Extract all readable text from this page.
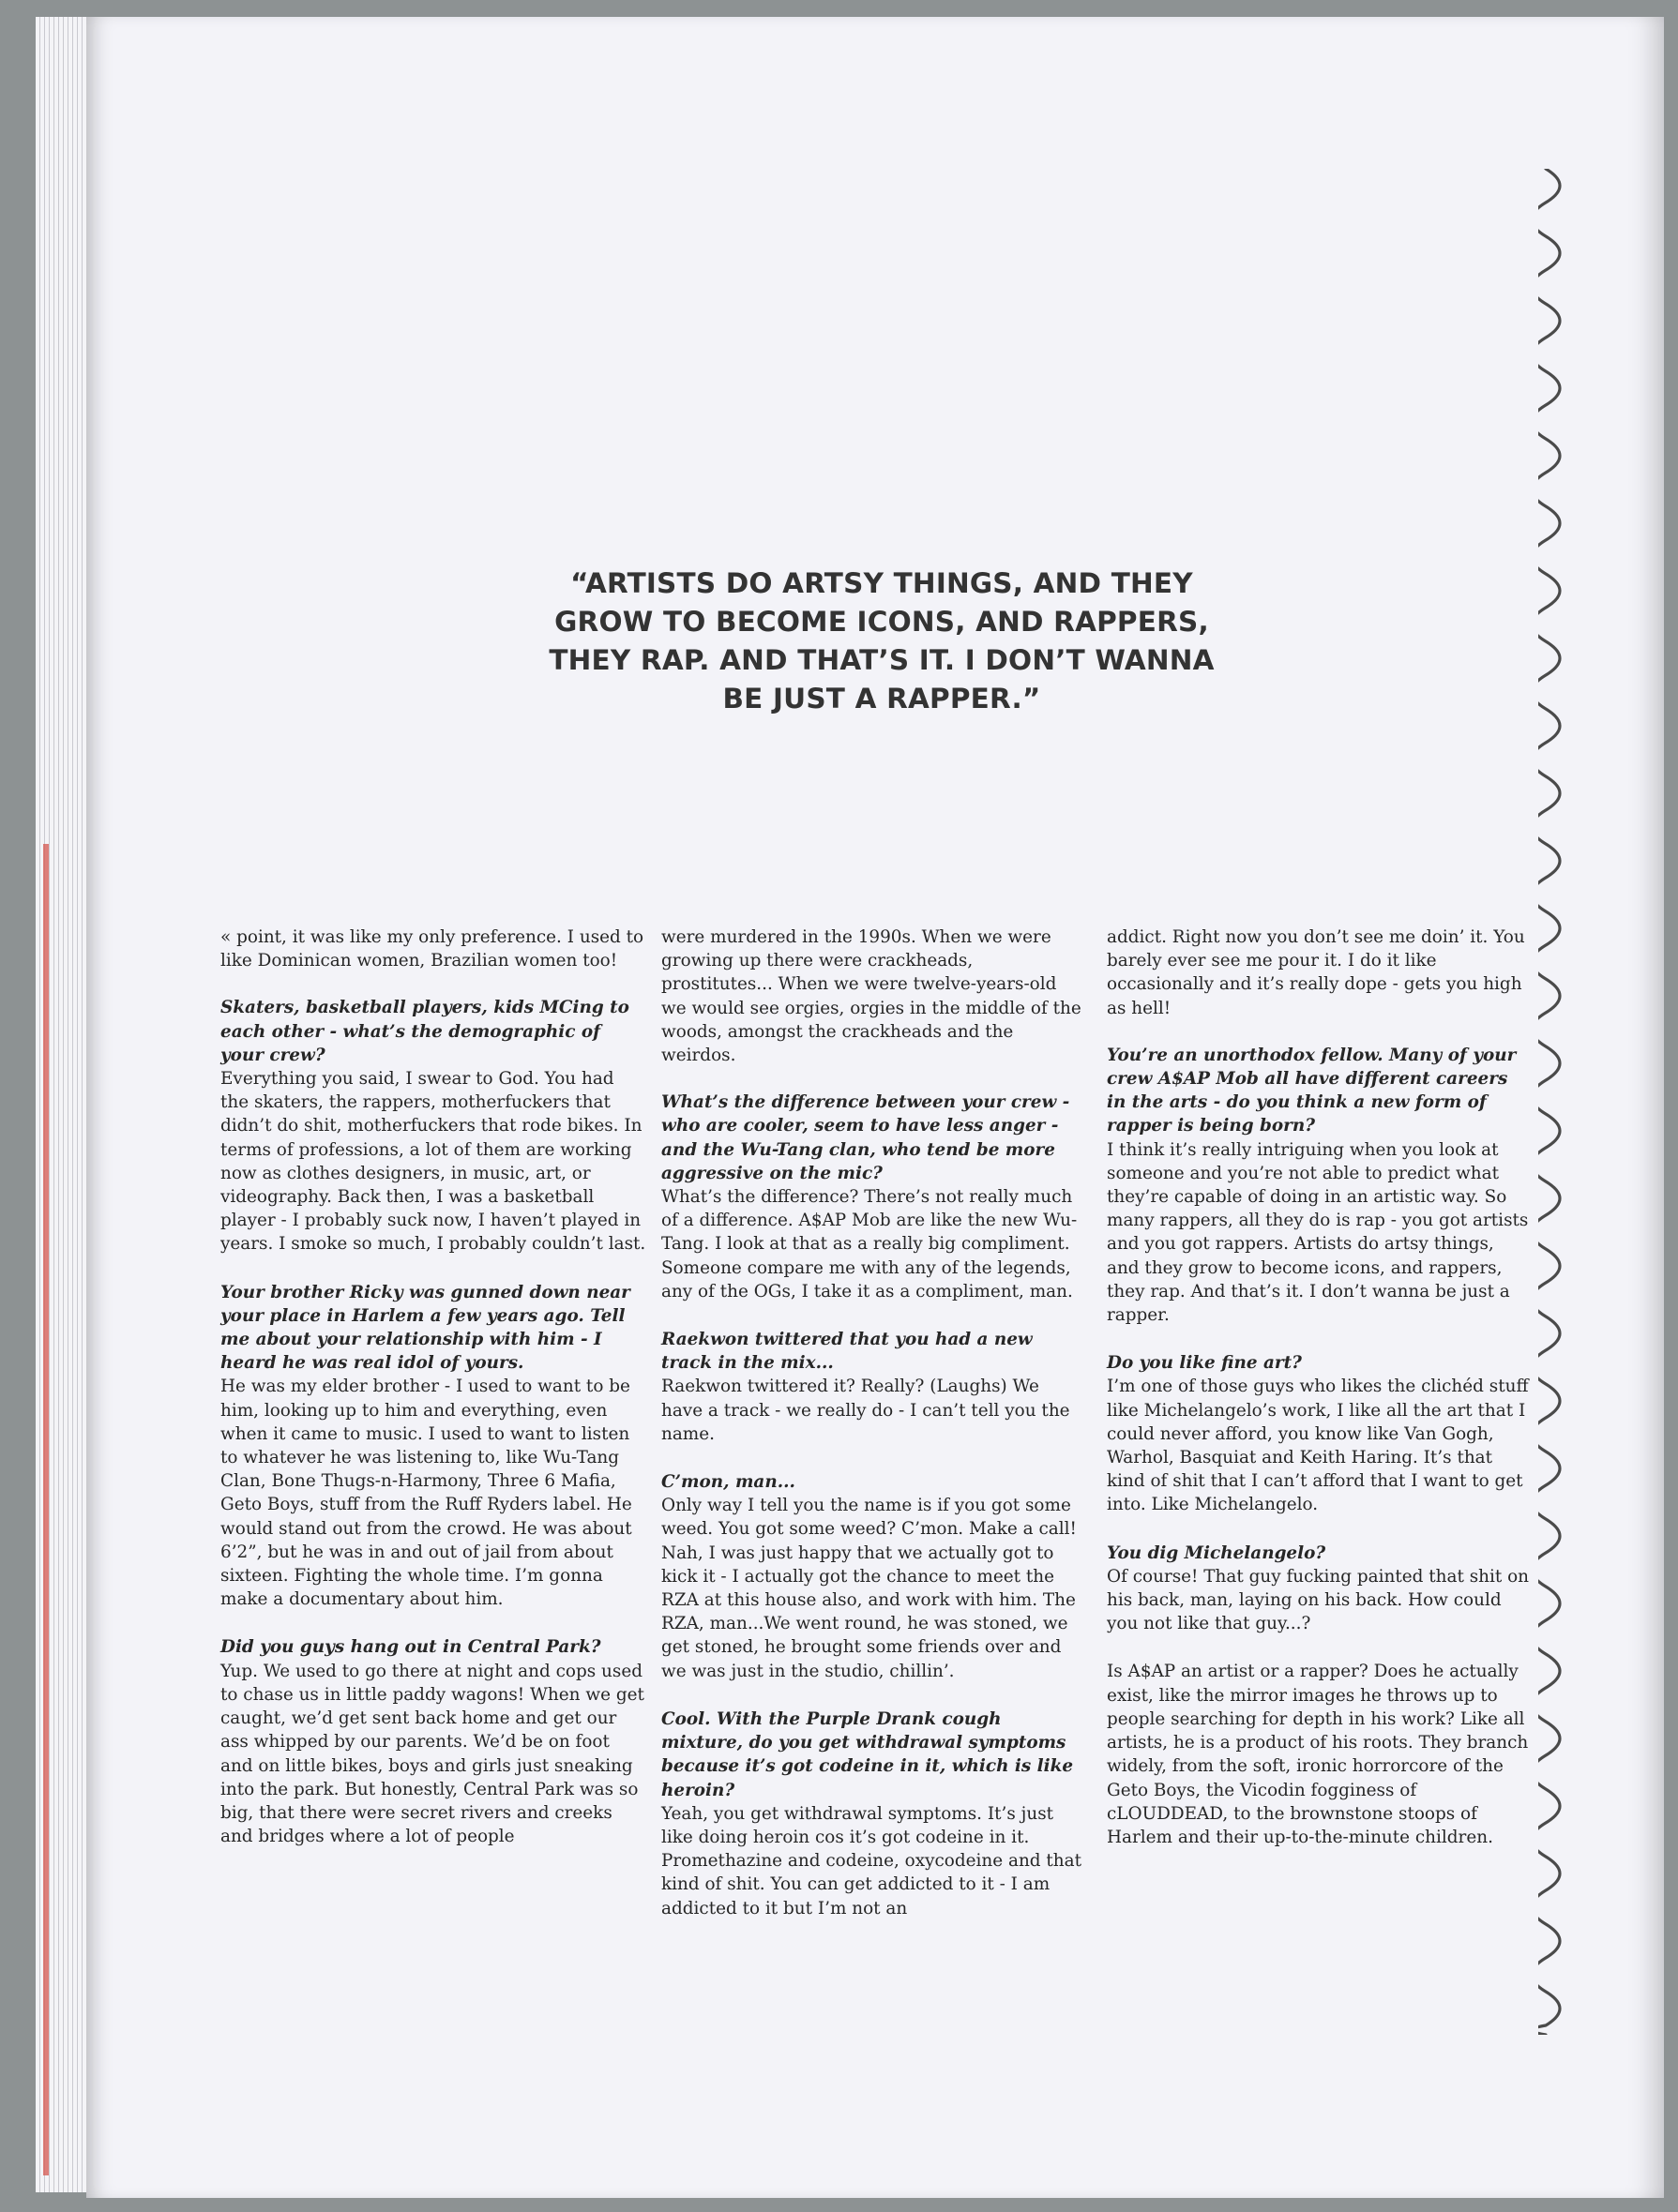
“ARTISTS DO ARTSY THINGS, AND THEY GROW TO BECOME ICONS, AND RAPPERS, THEY RAP. AND THAT’S IT. I DON’T WANNA BE JUST A RAPPER.”

« point, it was like my only preference. I used to like Dominican women, Brazilian women too!

Skaters, basketball players, kids MCing to each other - what’s the demographic of your crew?

Everything you said, I swear to God. You had the skaters, the rappers, motherfuckers that didn’t do shit, motherfuckers that rode bikes. In terms of professions, a lot of them are working now as clothes designers, in music, art, or videography. Back then, I was a basketball player - I probably suck now, I haven’t played in years. I smoke so much, I probably couldn’t last.

Your brother Ricky was gunned down near your place in Harlem a few years ago. Tell me about your relationship with him - I heard he was real idol of yours.

He was my elder brother - I used to want to be him, looking up to him and everything, even when it came to music. I used to want to listen to whatever he was listening to, like Wu-Tang Clan, Bone Thugs-n-Harmony, Three 6 Mafia, Geto Boys, stuff from the Ruff Ryders label. He would stand out from the crowd. He was about 6’2”, but he was in and out of jail from about sixteen. Fighting the whole time. I’m gonna make a documentary about him.

Did you guys hang out in Central Park?

Yup. We used to go there at night and cops used to chase us in little paddy wagons! When we get caught, we’d get sent back home and get our ass whipped by our parents. We’d be on foot and on little bikes, boys and girls just sneaking into the park. But honestly, Central Park was so big, that there were secret rivers and creeks and bridges where a lot of people

were murdered in the 1990s. When we were growing up there were crackheads, prostitutes... When we were twelve-years-old we would see orgies, orgies in the middle of the woods, amongst the crackheads and the weirdos.

What’s the difference between your crew - who are cooler, seem to have less anger - and the Wu-Tang clan, who tend be more aggressive on the mic?

What’s the difference? There’s not really much of a difference. A$AP Mob are like the new Wu-Tang. I look at that as a really big compliment. Someone compare me with any of the legends, any of the OGs, I take it as a compliment, man.

Raekwon twittered that you had a new track in the mix...

Raekwon twittered it? Really? (Laughs) We have a track - we really do - I can’t tell you the name.

C’mon, man...

Only way I tell you the name is if you got some weed. You got some weed? C’mon. Make a call! Nah, I was just happy that we actually got to kick it - I actually got the chance to meet the RZA at this house also, and work with him. The RZA, man...We went round, he was stoned, we get stoned, he brought some friends over and we was just in the studio, chillin’.

Cool. With the Purple Drank cough mixture, do you get withdrawal symptoms because it’s got codeine in it, which is like heroin?

Yeah, you get withdrawal symptoms. It’s just like doing heroin cos it’s got codeine in it. Promethazine and codeine, oxycodeine and that kind of shit. You can get addicted to it - I am addicted to it but I’m not an

addict. Right now you don’t see me doin’ it. You barely ever see me pour it. I do it like occasionally and it’s really dope - gets you high as hell!

You’re an unorthodox fellow. Many of your crew A$AP Mob all have different careers in the arts - do you think a new form of rapper is being born?

I think it’s really intriguing when you look at someone and you’re not able to predict what they’re capable of doing in an artistic way. So many rappers, all they do is rap - you got artists and you got rappers. Artists do artsy things, and they grow to become icons, and rappers, they rap. And that’s it. I don’t wanna be just a rapper.

Do you like fine art?

I’m one of those guys who likes the clichéd stuff like Michelangelo’s work, I like all the art that I could never afford, you know like Van Gogh, Warhol, Basquiat and Keith Haring. It’s that kind of shit that I can’t afford that I want to get into. Like Michelangelo.

You dig Michelangelo?

Of course! That guy fucking painted that shit on his back, man, laying on his back. How could you not like that guy...?

Is A$AP an artist or a rapper? Does he actually exist, like the mirror images he throws up to people searching for depth in his work? Like all artists, he is a product of his roots. They branch widely, from the soft, ironic horrorcore of the Geto Boys, the Vicodin fogginess of cLOUDDEAD, to the brownstone stoops of Harlem and their up-to-the-minute children.
